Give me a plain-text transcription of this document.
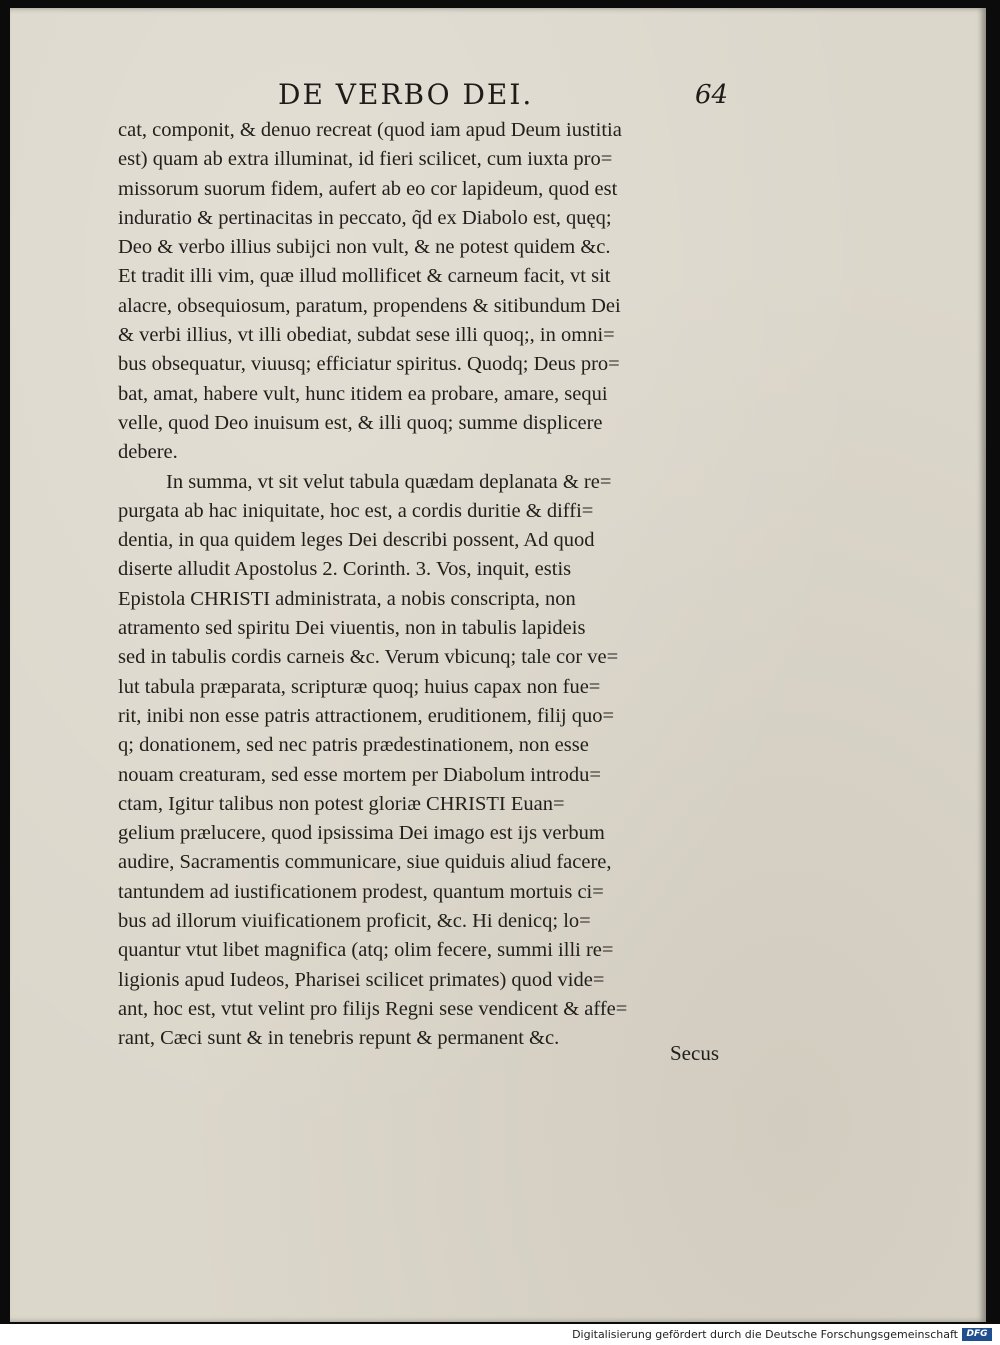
DE VERBO DEI.	64
cat, componit, & denuo recreat (quod iam apud Deum iustitia
est) quam ab extra illuminat, id fieri scilicet, cum iuxta pro=
missorum suorum fidem, aufert ab eo cor lapideum, quod est
induratio & pertinacitas in peccato, q̃d ex Diabolo est, quęq;
Deo & verbo illius subijci non vult, & ne potest quidem &c.
Et tradit illi vim, quæ illud mollificet & carneum facit, vt sit
alacre, obsequiosum, paratum, propendens & sitibundum Dei
& verbi illius, vt illi obediat, subdat sese illi quoq;, in omni=
bus obsequatur, viuusq; efficiatur spiritus. Quodq; Deus pro=
bat, amat, habere vult, hunc itidem ea probare, amare, sequi
velle, quod Deo inuisum est, & illi quoq; summe displicere
debere.
In summa, vt sit velut tabula quædam deplanata & re=
purgata ab hac iniquitate, hoc est, a cordis duritie & diffi=
dentia, in qua quidem leges Dei describi possent, Ad quod
diserte alludit Apostolus 2. Corinth. 3. Vos, inquit, estis
Epistola CHRISTI administrata, a nobis conscripta, non
atramento sed spiritu Dei viuentis, non in tabulis lapideis
sed in tabulis cordis carneis &c. Verum vbicunq; tale cor ve=
lut tabula præparata, scripturæ quoq; huius capax non fue=
rit, inibi non esse patris attractionem, eruditionem, filij quo=
q; donationem, sed nec patris prædestinationem, non esse
nouam creaturam, sed esse mortem per Diabolum introdu=
ctam, Igitur talibus non potest gloriæ CHRISTI Euan=
gelium prælucere, quod ipsissima Dei imago est ijs verbum
audire, Sacramentis communicare, siue quiduis aliud facere,
tantundem ad iustificationem prodest, quantum mortuis ci=
bus ad illorum viuificationem proficit, &c. Hi denicq; lo=
quantur vtut libet magnifica (atq; olim fecere, summi illi re=
ligionis apud Iudeos, Pharisei scilicet primates) quod vide=
ant, hoc est, vtut velint pro filijs Regni sese vendicent & affe=
rant, Cæci sunt & in tenebris repunt & permanent &c.
Secus
Digitalisierung gefördert durch die Deutsche Forschungsgemeinschaft DFG
